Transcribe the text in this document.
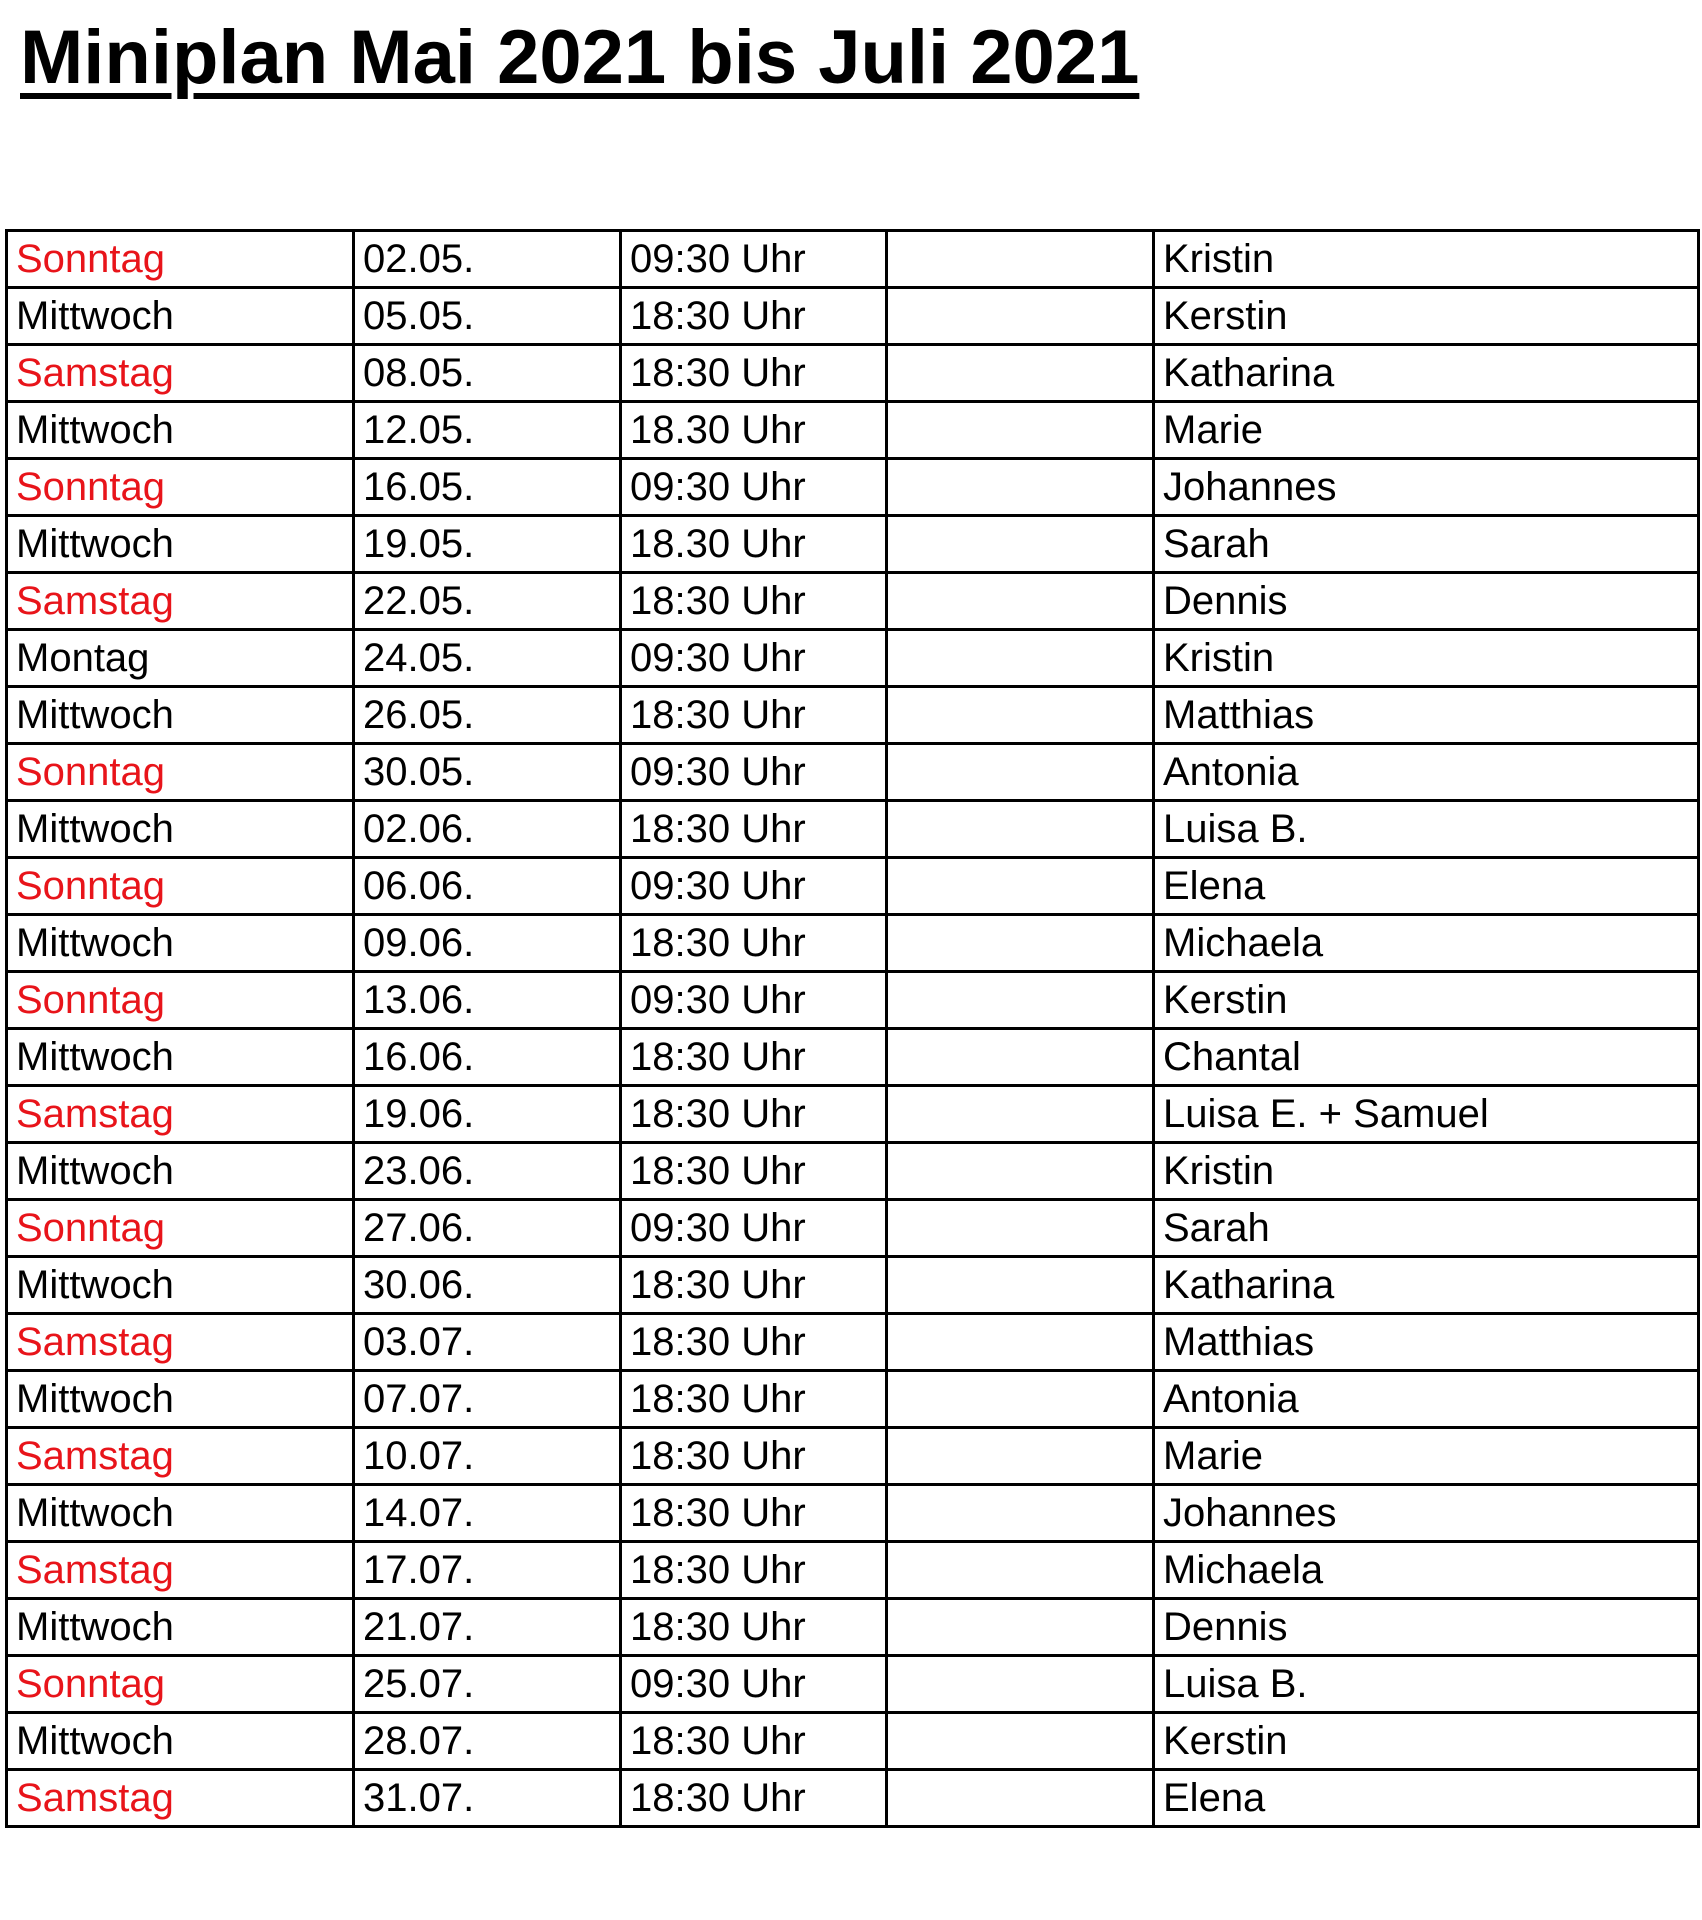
Miniplan Mai 2021 bis Juli 2021
Sonntag	02.05.	09:30 Uhr		Kristin
Mittwoch	05.05.	18:30 Uhr		Kerstin
Samstag	08.05.	18:30 Uhr		Katharina
Mittwoch	12.05.	18.30 Uhr		Marie
Sonntag	16.05.	09:30 Uhr		Johannes
Mittwoch	19.05.	18.30 Uhr		Sarah
Samstag	22.05.	18:30 Uhr		Dennis
Montag	24.05.	09:30 Uhr		Kristin
Mittwoch	26.05.	18:30 Uhr		Matthias
Sonntag	30.05.	09:30 Uhr		Antonia
Mittwoch	02.06.	18:30 Uhr		Luisa B.
Sonntag	06.06.	09:30 Uhr		Elena
Mittwoch	09.06.	18:30 Uhr		Michaela
Sonntag	13.06.	09:30 Uhr		Kerstin
Mittwoch	16.06.	18:30 Uhr		Chantal
Samstag	19.06.	18:30 Uhr		Luisa E. + Samuel
Mittwoch	23.06.	18:30 Uhr		Kristin
Sonntag	27.06.	09:30 Uhr		Sarah
Mittwoch	30.06.	18:30 Uhr		Katharina
Samstag	03.07.	18:30 Uhr		Matthias
Mittwoch	07.07.	18:30 Uhr		Antonia
Samstag	10.07.	18:30 Uhr		Marie
Mittwoch	14.07.	18:30 Uhr		Johannes
Samstag	17.07.	18:30 Uhr		Michaela
Mittwoch	21.07.	18:30 Uhr		Dennis
Sonntag	25.07.	09:30 Uhr		Luisa B.
Mittwoch	28.07.	18:30 Uhr		Kerstin
Samstag	31.07.	18:30 Uhr		Elena
